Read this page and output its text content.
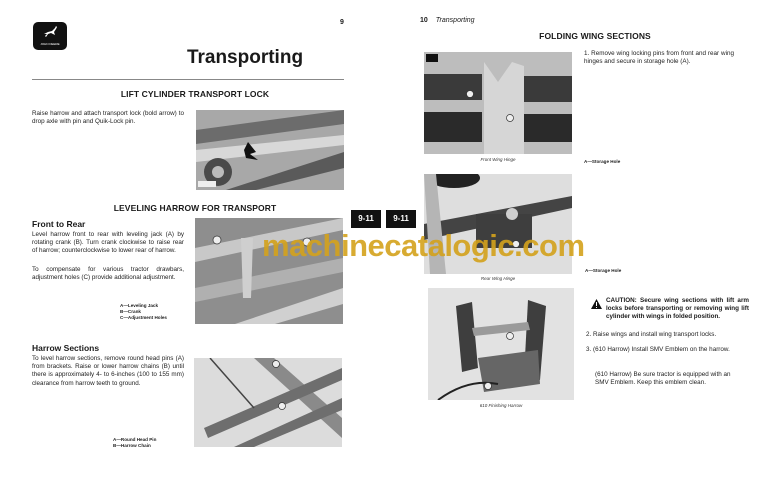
JOHN DEERE
9
Transporting
LIFT CYLINDER TRANSPORT LOCK
Raise harrow and attach transport lock (bold arrow) to drop axle with pin and Quik-Lock pin.
LEVELING HARROW FOR TRANSPORT
Front to Rear
Level harrow front to rear with leveling jack (A) by rotating crank (B). Turn crank clockwise to raise rear of harrow; counterclockwise to lower rear of harrow.
To compensate for various tractor drawbars, adjustment holes (C) provide additional adjustment.
A—Leveling Jack
B—Crank
C—Adjustment Holes
Harrow Sections
To level harrow sections, remove round head pins (A) from brackets. Raise or lower harrow chains (B) until there is approximately 4- to 6-inches (100 to 155 mm) clearance from harrow teeth to ground.
A—Round Head Pin
B—Harrow Chain
9-11	9-11
10 Transporting
FOLDING WING SECTIONS
1. Remove wing locking pins from front and rear wing hinges and secure in storage hole (A).
Front Wing Hinge	A—Storage Hole
Rear Wing Hinge
A—Storage Hole
610 Finishing Harrow
CAUTION: Secure wing sections with lift arm locks before transporting or removing wing lift cylinder with wings in folded position.
2. Raise wings and install wing transport locks.
3. (610 Harrow) Install SMV Emblem on the harrow.
(610 Harrow) Be sure tractor is equipped with an SMV Emblem. Keep this emblem clean.
machinecatalogic.com
